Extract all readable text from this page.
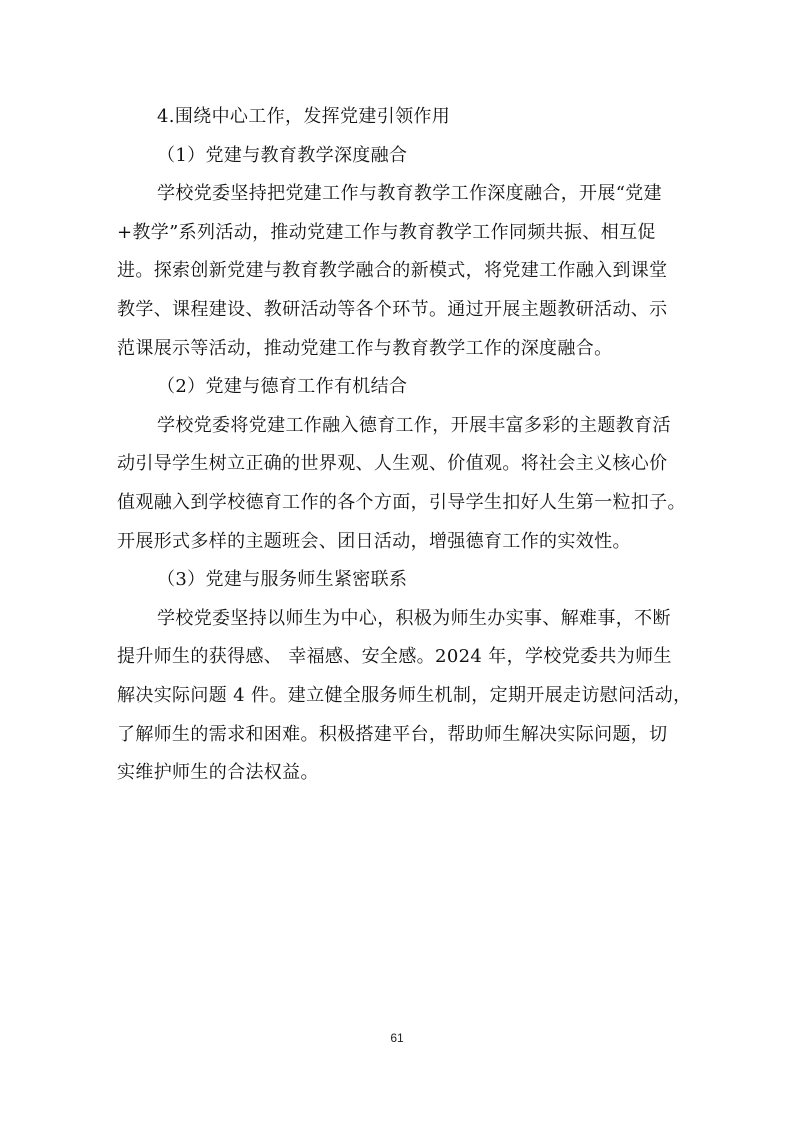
4.围绕中心工作，发挥党建引领作用
（1）党建与教育教学深度融合
学校党委坚持把党建工作与教育教学工作深度融合，开展“党建
+教学”系列活动，推动党建工作与教育教学工作同频共振、相互促
进。探索创新党建与教育教学融合的新模式，将党建工作融入到课堂
教学、课程建设、教研活动等各个环节。通过开展主题教研活动、示
范课展示等活动，推动党建工作与教育教学工作的深度融合。
（2）党建与德育工作有机结合
学校党委将党建工作融入德育工作，开展丰富多彩的主题教育活
动引导学生树立正确的世界观、人生观、价值观。将社会主义核心价
值观融入到学校德育工作的各个方面，引导学生扣好人生第一粒扣子。
开展形式多样的主题班会、团日活动，增强德育工作的实效性。
（3）党建与服务师生紧密联系
学校党委坚持以师生为中心，积极为师生办实事、解难事，不断
提升师生的获得感、 幸福感、安全感。2024 年，学校党委共为师生
解决实际问题 4 件。建立健全服务师生机制，定期开展走访慰问活动，
了解师生的需求和困难。积极搭建平台，帮助师生解决实际问题，切
实维护师生的合法权益。
61
